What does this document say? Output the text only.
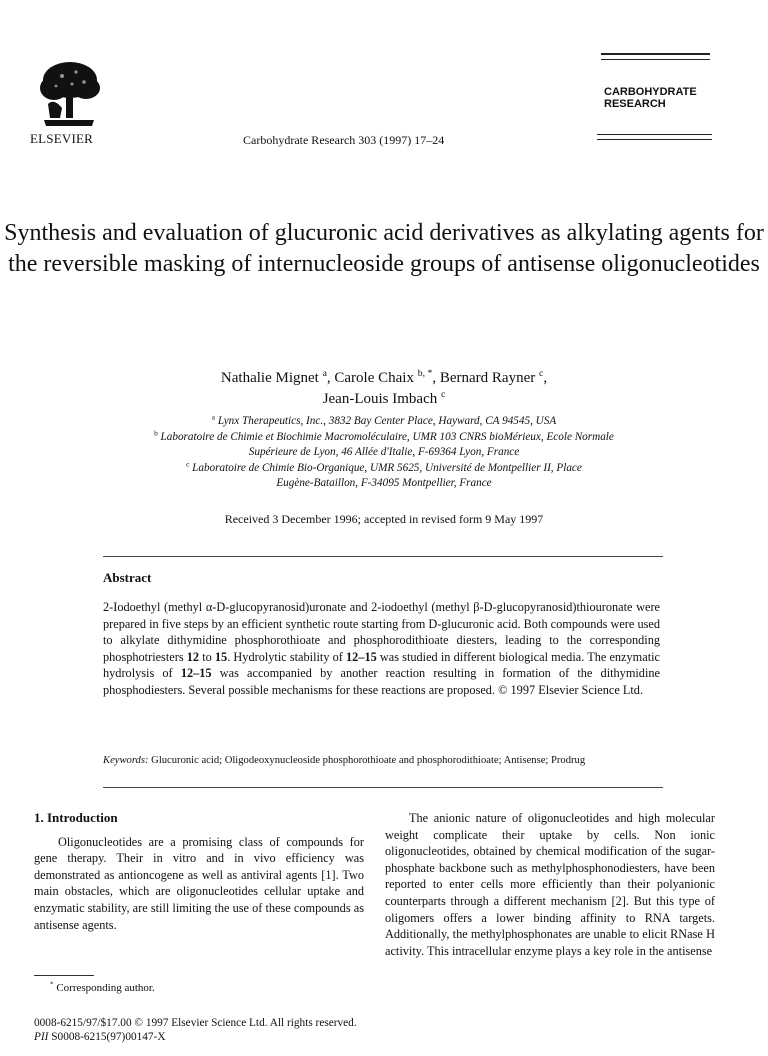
ELSEVIER	Carbohydrate Research 303 (1997) 17–24
CARBOHYDRATE
RESEARCH
Synthesis and evaluation of glucuronic acid derivatives as alkylating agents for the reversible masking of internucleoside groups of antisense oligonucleotides
Nathalie Mignet $^a$, Carole Chaix $^{b, *}$, Bernard Rayner $^c$,
Jean-Louis Imbach $^c$
$^a$ Lynx Therapeutics, Inc., 3832 Bay Center Place, Hayward, CA 94545, USA
$^b$ Laboratoire de Chimie et Biochimie Macromoléculaire, UMR 103 CNRS bioMérieux, Ecole Normale
Supérieure de Lyon, 46 Allée d'Italie, F-69364 Lyon, France
$^c$ Laboratoire de Chimie Bio-Organique, UMR 5625, Université de Montpellier II, Place
Eugène-Bataillon, F-34095 Montpellier, France
Received 3 December 1996; accepted in revised form 9 May 1997
Abstract
2-Iodoethyl (methyl α-D-glucopyranosid)uronate and 2-iodoethyl (methyl β-D-glucopyranosid)thiouronate were prepared in five steps by an efficient synthetic route starting from D-glucuronic acid. Both compounds were used to alkylate dithymidine phosphorothioate and phosphorodithioate diesters, leading to the corresponding phosphotriesters 12 to 15. Hydrolytic stability of 12–15 was studied in different biological media. The enzymatic hydrolysis of 12–15 was accompanied by another reaction resulting in formation of the dithymidine phosphodiesters. Several possible mechanisms for these reactions are proposed. © 1997 Elsevier Science Ltd.
Keywords: Glucuronic acid; Oligodeoxynucleoside phosphorothioate and phosphorodithioate; Antisense; Prodrug
1. Introduction

Oligonucleotides are a promising class of compounds for gene therapy. Their in vitro and in vivo efficiency was demonstrated as antioncogene as well as antiviral agents [1]. Two main obstacles, which are oligonucleotides cellular uptake and enzymatic stability, are still limiting the use of these compounds as antisense agents.

The anionic nature of oligonucleotides and high molecular weight complicate their uptake by cells. Non ionic oligonucleotides, obtained by chemical modification of the sugar-phosphate backbone such as methylphosphonodiesters, have been reported to enter cells more efficiently than their polyanionic counterparts through a different mechanism [2]. But this type of oligomers offers a lower binding affinity to RNA targets. Additionally, the methylphosphonates are unable to elicit RNase H activity. This intracellular enzyme plays a key role in the antisense

* Corresponding author.
0008-6215/97/$17.00 © 1997 Elsevier Science Ltd. All rights reserved.
PII S0008-6215(97)00147-X
